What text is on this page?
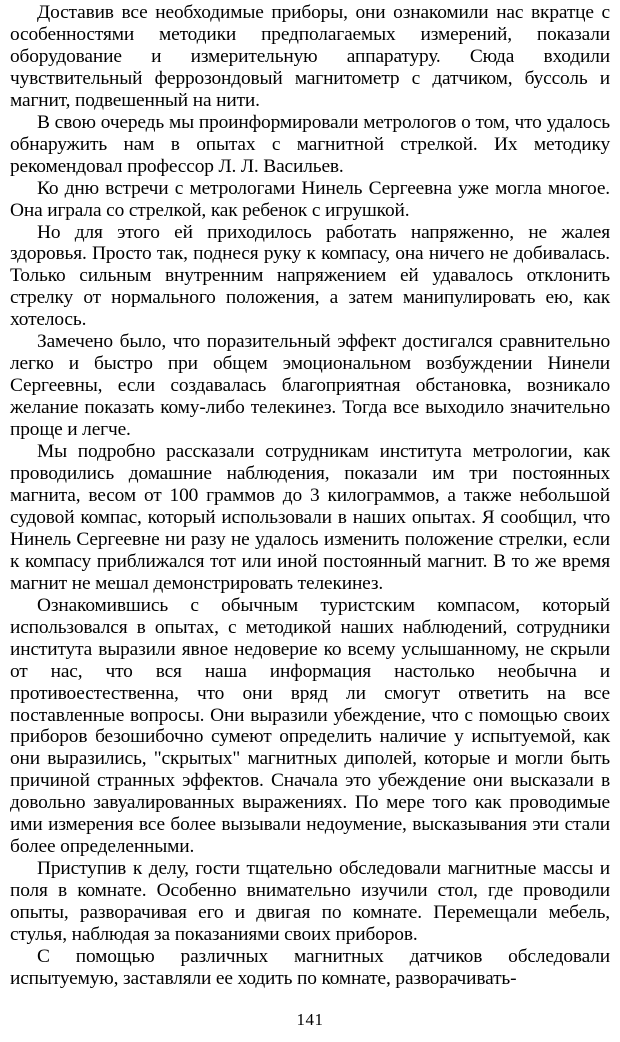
Доставив все необходимые приборы, они ознакомили нас вкратце с особенностями методики предполагаемых измерений, показали оборудование и измерительную аппаратуру. Сюда входили чувствительный феррозондовый магнитометр с датчиком, буссоль и магнит, подвешенный на нити.

В свою очередь мы проинформировали метрологов о том, что удалось обнаружить нам в опытах с магнитной стрелкой. Их методику рекомендовал профессор Л. Л. Васильев.

Ко дню встречи с метрологами Нинель Сергеевна уже могла многое. Она играла со стрелкой, как ребенок с игрушкой.

Но для этого ей приходилось работать напряженно, не жалея здоровья. Просто так, поднеся руку к компасу, она ничего не добивалась. Только сильным внутренним напряжением ей удавалось отклонить стрелку от нормального положения, а затем манипулировать ею, как хотелось.

Замечено было, что поразительный эффект достигался сравнительно легко и быстро при общем эмоциональном возбуждении Нинели Сергеевны, если создавалась благоприятная обстановка, возникало желание показать кому-либо телекинез. Тогда все выходило значительно проще и легче.

Мы подробно рассказали сотрудникам института метрологии, как проводились домашние наблюдения, показали им три постоянных магнита, весом от 100 граммов до 3 килограммов, а также небольшой судовой компас, который использовали в наших опытах. Я сообщил, что Нинель Сергеевне ни разу не удалось изменить положение стрелки, если к компасу приближался тот или иной постоянный магнит. В то же время магнит не мешал демонстрировать телекинез.

Ознакомившись с обычным туристским компасом, который использовался в опытах, с методикой наших наблюдений, сотрудники института выразили явное недоверие ко всему услышанному, не скрыли от нас, что вся наша информация настолько необычна и противоестественна, что они вряд ли смогут ответить на все поставленные вопросы. Они выразили убеждение, что с помощью своих приборов безошибочно сумеют определить наличие у испытуемой, как они выразились, "скрытых" магнитных диполей, которые и могли быть причиной странных эффектов. Сначала это убеждение они высказали в довольно завуалированных выражениях. По мере того как проводимые ими измерения все более вызывали недоумение, высказывания эти стали более определенными.

Приступив к делу, гости тщательно обследовали магнитные массы и поля в комнате. Особенно внимательно изучили стол, где проводили опыты, разворачивая его и двигая по комнате. Перемещали мебель, стулья, наблюдая за показаниями своих приборов.

С помощью различных магнитных датчиков обследовали испытуемую, заставляли ее ходить по комнате, разворачивать-

141
